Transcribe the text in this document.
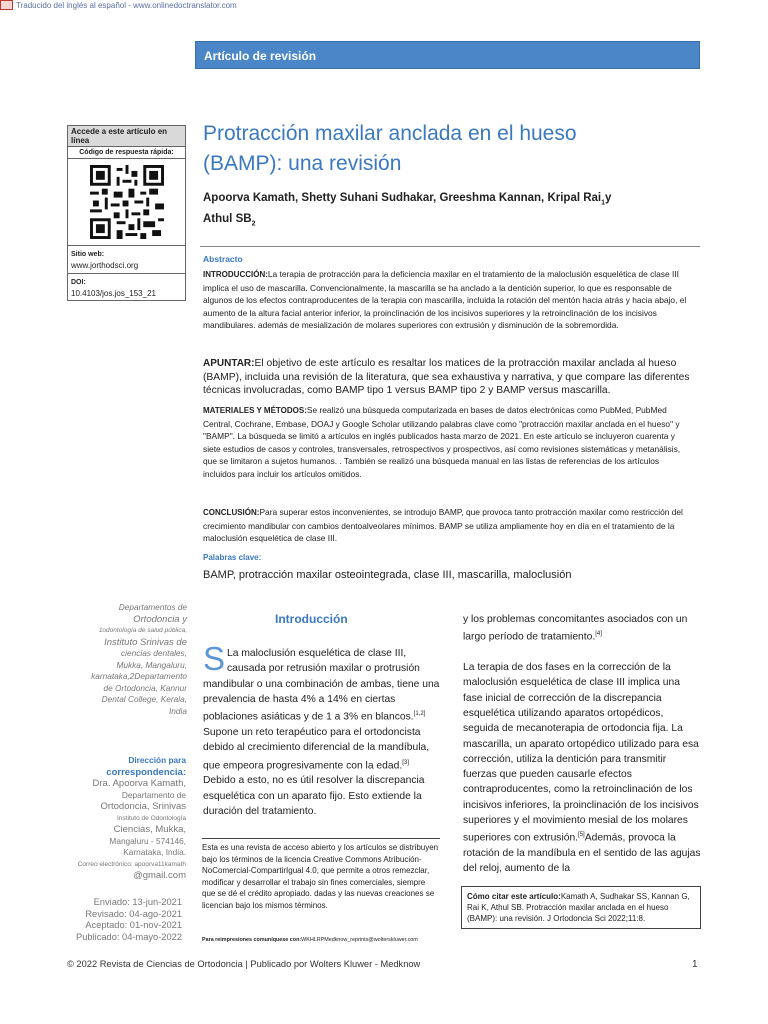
Traducido del inglés al español - www.onlinedoctranslator.com
Artículo de revisión
Accede a este artículo en línea
Código de respuesta rápida:
Sitio web:
www.jorthodsci.org
DOI:
10.4103/jos.jos_153_21
Protracción maxilar anclada en el hueso (BAMP): una revisión
Apoorva Kamath, Shetty Suhani Sudhakar, Greeshma Kannan, Kripal Rai$_1$y
Athul $SB_2$
Abstracto
INTRODUCCIÓN:La terapia de protracción para la deficiencia maxilar en el tratamiento de la maloclusión esquelética de clase III implica el uso de mascarilla. Convencionalmente, la mascarilla se ha anclado a la dentición superior, lo que es responsable de algunos de los efectos contraproducentes de la terapia con mascarilla, incluida la rotación del mentón hacia atrás y hacia abajo, el aumento de la altura facial anterior inferior, la proinclinación de los incisivos superiores y la retroinclinación de los incisivos mandibulares. además de mesialización de molares superiores con extrusión y disminución de la sobremordida.
APUNTAR:El objetivo de este artículo es resaltar los matices de la protracción maxilar anclada al hueso (BAMP), incluida una revisión de la literatura, que sea exhaustiva y narrativa, y que compare las diferentes técnicas involucradas, como BAMP tipo 1 versus BAMP tipo 2 y BAMP versus mascarilla.
MATERIALES Y MÉTODOS:Se realizó una búsqueda computarizada en bases de datos electrónicas como PubMed, PubMed Central, Cochrane, Embase, DOAJ y Google Scholar utilizando palabras clave como "protracción maxilar anclada en el hueso" y "BAMP". La búsqueda se limitó a artículos en inglés publicados hasta marzo de 2021. En este artículo se incluyeron cuarenta y siete estudios de casos y controles, transversales, retrospectivos y prospectivos, así como revisiones sistemáticas y metanálisis, que se limitaron a sujetos humanos. . También se realizó una búsqueda manual en las listas de referencias de los artículos incluidos para incluir los artículos omitidos.
CONCLUSIÓN:Para superar estos inconvenientes, se introdujo BAMP, que provoca tanto protracción maxilar como restricción del crecimiento mandibular con cambios dentoalveolares mínimos. BAMP se utiliza ampliamente hoy en día en el tratamiento de la maloclusión esquelética de clase III.
Palabras clave:
BAMP, protracción maxilar osteointegrada, clase III, mascarilla, maloclusión
Departamentos de
Ortodoncia y
1odontología de salud pública,
Instituto Srinivas de
ciencias dentales,
Mukka, Mangaluru,
karnataka,2Departamento
de Ortodoncia, Kannur
Dental College, Kerala,
India
Dirección para
correspondencia:
Dra. Apoorva Kamath,
Departamento de
Ortodoncia, Srinivas
Instituto de Odontología
Ciencias, Mukka,
Mangaluru - 574146,
Karnataka, India.
Correo electrónico: apoorva11kamath
@gmail.com
Enviado: 13-jun-2021
Revisado: 04-ago-2021
Aceptado: 01-nov-2021
Publicado: 04-mayo-2022
Introducción
S La maloclusión esquelética de clase III, causada por retrusión maxilar o protrusión mandibular o una combinación de ambas, tiene una prevalencia de hasta 4% a 14% en ciertas poblaciones asiáticas y de 1 a 3% en blancos.[1,2] Supone un reto terapéutico para el ortodoncista debido al crecimiento diferencial de la mandíbula, que empeora progresivamente con la edad.[3] Debido a esto, no es útil resolver la discrepancia esquelética con un aparato fijo. Esto extiende la duración del tratamiento.
Esta es una revista de acceso abierto y los artículos se distribuyen bajo los términos de la licencia Creative Commons Atribución-NoComercial-CompartirIgual 4.0, que permite a otros remezclar, modificar y desarrollar el trabajo sin fines comerciales, siempre que se dé el crédito apropiado. dadas y las nuevas creaciones se licencian bajo los mismos términos.
Para reimpresiones comuníquese con:WKHLRPMedknow_reprints@wolterskluwer.com
y los problemas concomitantes asociados con un largo período de tratamiento.[4]
La terapia de dos fases en la corrección de la maloclusión esquelética de clase III implica una fase inicial de corrección de la discrepancia esquelética utilizando aparatos ortopédicos, seguida de mecanoterapia de ortodoncia fija. La mascarilla, un aparato ortopédico utilizado para esa corrección, utiliza la dentición para transmitir fuerzas que pueden causarle efectos contraproducentes, como la retroinclinación de los incisivos inferiores, la proinclinación de los incisivos superiores y el movimiento mesial de los molares superiores con extrusión.[5]Además, provoca la rotación de la mandíbula en el sentido de las agujas del reloj, aumento de la
Cómo citar este artículo:Kamath A, Sudhakar SS, Kannan G, Rai K, Athul SB. Protracción maxilar anclada en el hueso (BAMP): una revisión. J Ortodoncia Sci 2022;11:8.
© 2022 Revista de Ciencias de Ortodoncia | Publicado por Wolters Kluwer - Medknow	1
